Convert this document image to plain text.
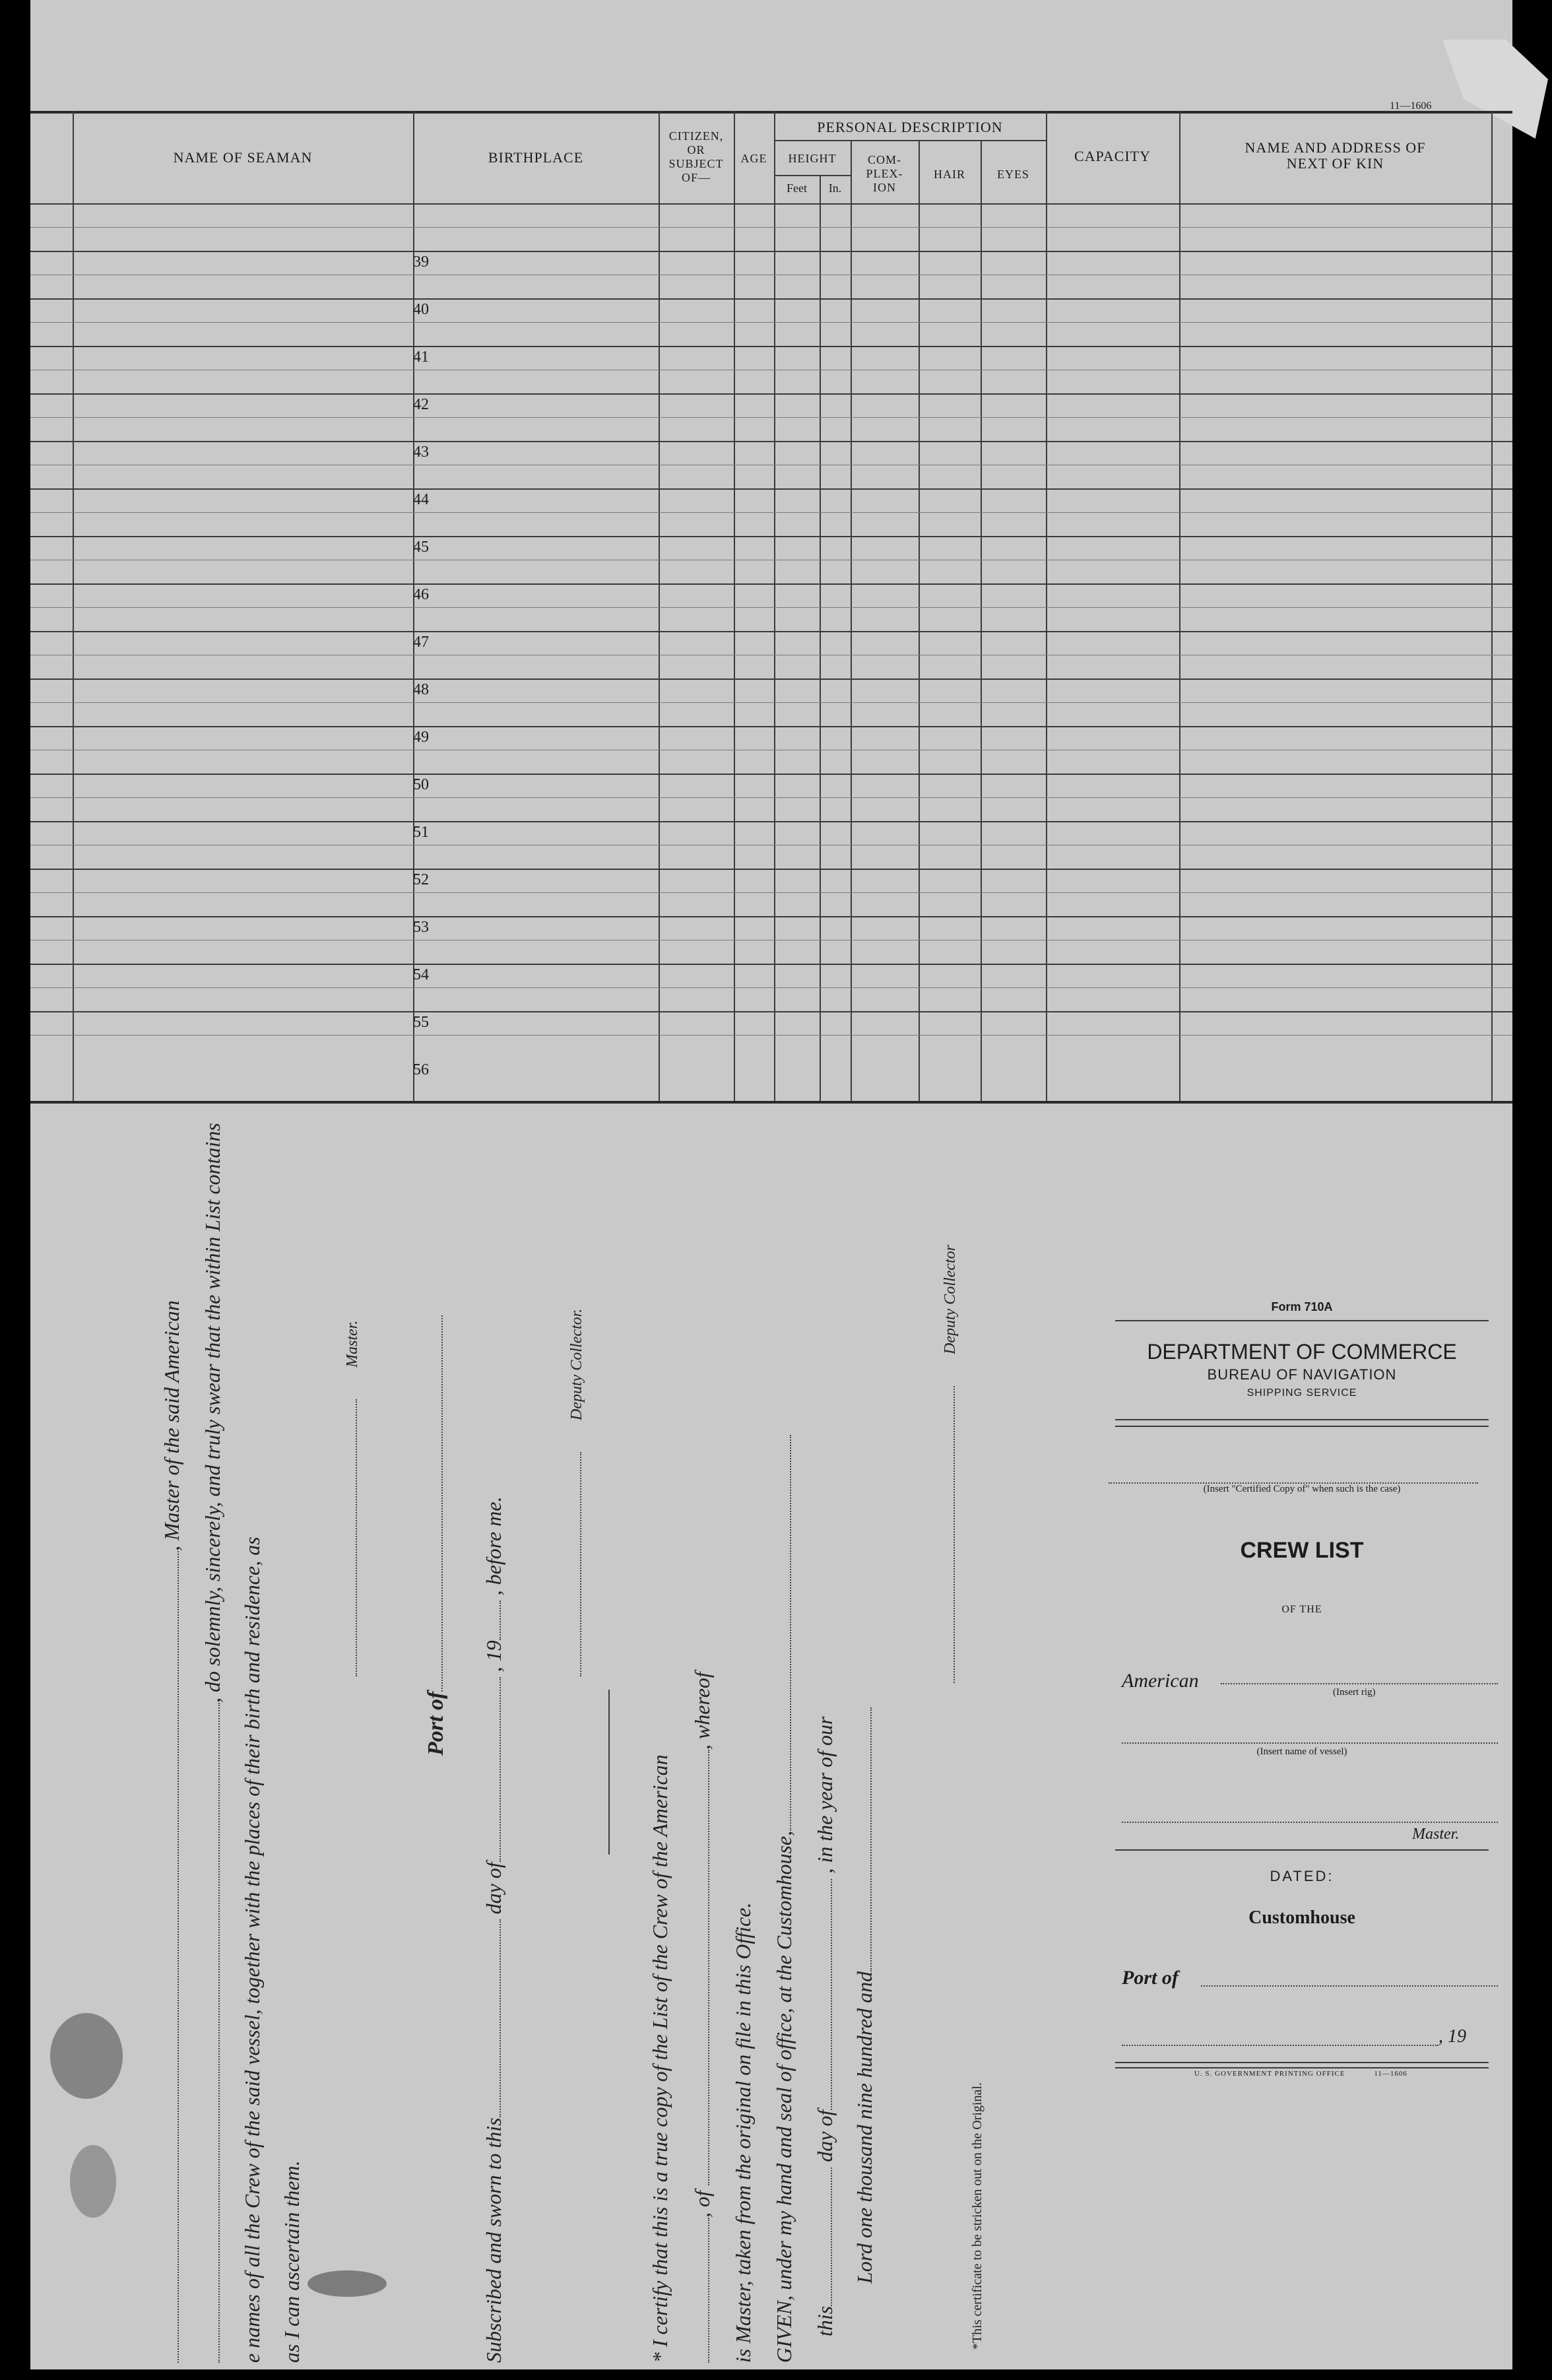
11—1606
NAME OF SEAMAN	BIRTHPLACE
CITIZEN,
OR
SUBJECT
OF—
AGE
PERSONAL DESCRIPTION
HEIGHT
Feet	In.
COM-
PLEX-
ION
HAIR	EYES
CAPACITY
NAME AND ADDRESS OF
NEXT OF KIN
39
40
41
42
43
44
45
46
47
48
49
50
51
52
53
54
55
56
, Master of the said American , do solemnly, sincerely, and truly swear that the within List contains
e names of all the Crew of the said vessel, together with the places of their birth and residence, as as I can ascertain them.
Master.
Port of
Subscribed and sworn to this day of , 19 , before me.
Deputy Collector.
* I certify that this is a true copy of the List of the Crew of the American , of , whereof
is Master, taken from the original on file in this Office. GIVEN, under my hand and seal of office, at the Customhouse, this day of , in the year of our
Lord one thousand nine hundred and
Deputy Collector
*This certificate to be stricken out on the Original.
Form 710A
DEPARTMENT OF COMMERCE
BUREAU OF NAVIGATION
SHIPPING SERVICE
(Insert "Certified Copy of" when such is the case)
CREW LIST
OF THE
American
(Insert rig)
(Insert name of vessel)
Master.
DATED:
Customhouse
Port of
, 19
U. S. GOVERNMENT PRINTING OFFICE	11—1606
